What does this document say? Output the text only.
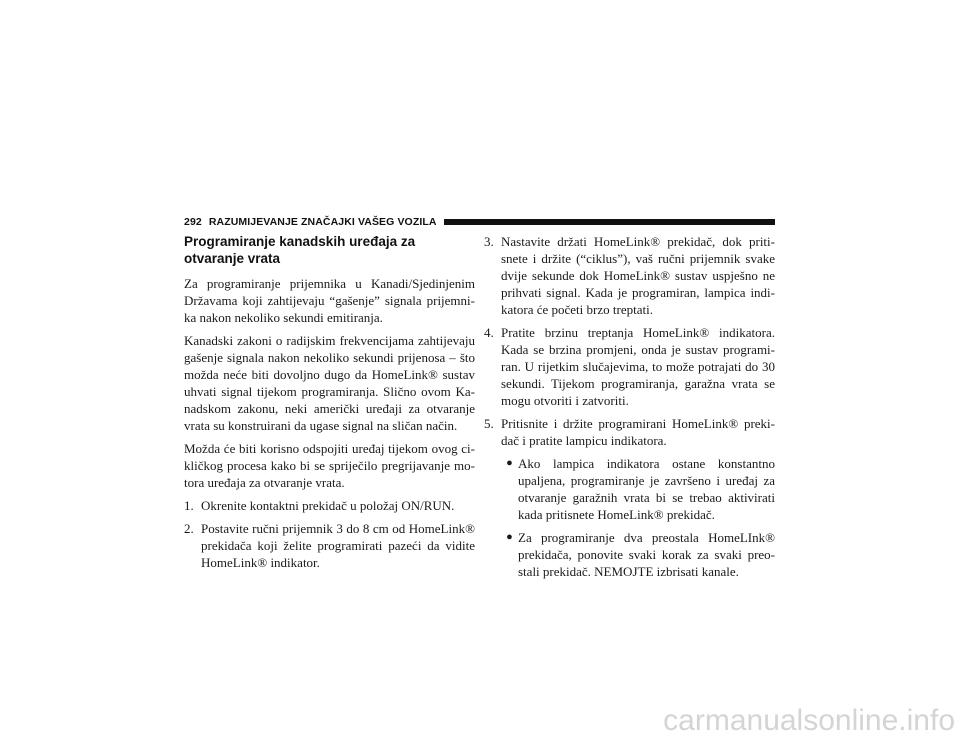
292 RAZUMIJEVANJE ZNAČAJKI VAŠEG VOZILA
Programiranje kanadskih uređaja za otvaranje vrata

Za programiranje prijemnika u Kanadi/Sjedinjenim Državama koji zahtijevaju “gašenje” signala prijemni-ka nakon nekoliko sekundi emitiranja.

Kanadski zakoni o radijskim frekvencijama zahtijevaju gašenje signala nakon nekoliko sekundi prijenosa – što možda neće biti dovoljno dugo da HomeLink® sustav uhvati signal tijekom programiranja. Slično ovom Ka-nadskom zakonu, neki američki uređaji za otvaranje vrata su konstruirani da ugase signal na sličan način.

Možda će biti korisno odspojiti uređaj tijekom ovog ci-kličkog procesa kako bi se spriječilo pregrijavanje mo-tora uređaja za otvaranje vrata.

1. Okrenite kontaktni prekidač u položaj ON/RUN.
2. Postavite ručni prijemnik 3 do 8 cm od HomeLink® prekidača koji želite programirati pazeći da vidite HomeLink® indikator.
3. Nastavite držati HomeLink® prekidač, dok priti-snete i držite (“ciklus”), vaš ručni prijemnik svake dvije sekunde dok HomeLink® sustav uspješno ne prihvati signal. Kada je programiran, lampica indi-katora će početi brzo treptati.
4. Pratite brzinu treptanja HomeLink® indikatora. Kada se brzina promjeni, onda je sustav programi-ran. U rijetkim slučajevima, to može potrajati do 30 sekundi. Tijekom programiranja, garažna vrata se mogu otvoriti i zatvoriti.
5. Pritisnite i držite programirani HomeLink® preki-dač i pratite lampicu indikatora.
● Ako lampica indikatora ostane konstantno upaljena, programiranje je završeno i uređaj za otvaranje garažnih vrata bi se trebao aktivirati kada pritisnete HomeLink® prekidač.
● Za programiranje dva preostala HomeLInk® prekidača, ponovite svaki korak za svaki preo-stali prekidač. NEMOJTE izbrisati kanale.
carmanualsonline.info
